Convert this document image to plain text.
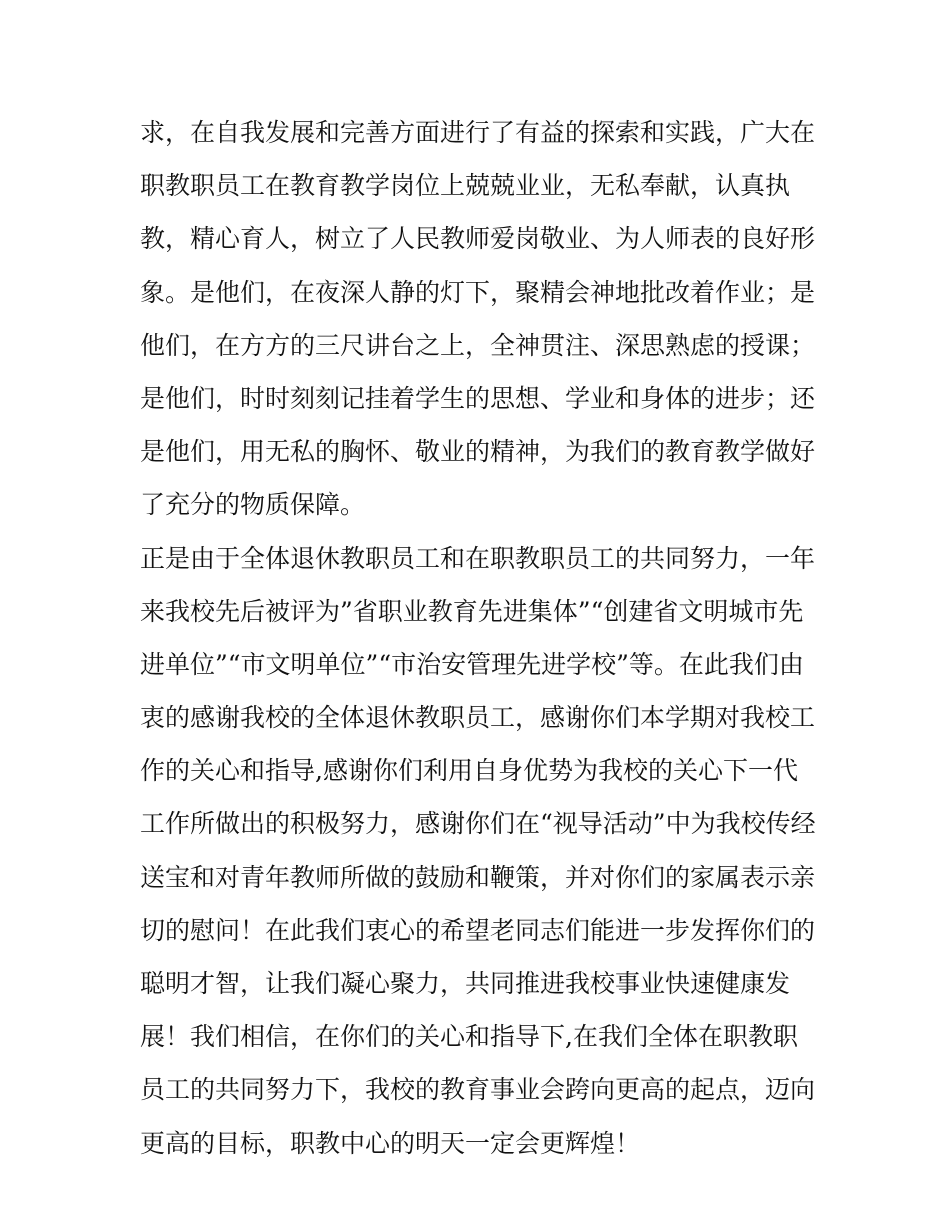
求，在自我发展和完善方面进行了有益的探索和实践，广大在
职教职员工在教育教学岗位上兢兢业业，无私奉献，认真执
教，精心育人，树立了人民教师爱岗敬业、为人师表的良好形
象。是他们，在夜深人静的灯下，聚精会神地批改着作业；是
他们，在方方的三尺讲台之上，全神贯注、深思熟虑的授课；
是他们，时时刻刻记挂着学生的思想、学业和身体的进步；还
是他们，用无私的胸怀、敬业的精神，为我们的教育教学做好
了充分的物质保障。
正是由于全体退休教职员工和在职教职员工的共同努力，一年
来我校先后被评为”省职业教育先进集体”“创建省文明城市先
进单位”“市文明单位”“市治安管理先进学校”等。在此我们由
衷的感谢我校的全体退休教职员工，感谢你们本学期对我校工
作的关心和指导,感谢你们利用自身优势为我校的关心下一代
工作所做出的积极努力，感谢你们在“视导活动”中为我校传经
送宝和对青年教师所做的鼓励和鞭策，并对你们的家属表示亲
切的慰问！在此我们衷心的希望老同志们能进一步发挥你们的
聪明才智，让我们凝心聚力，共同推进我校事业快速健康发
展！我们相信，在你们的关心和指导下,在我们全体在职教职
员工的共同努力下，我校的教育事业会跨向更高的起点，迈向
更高的目标，职教中心的明天一定会更辉煌！
